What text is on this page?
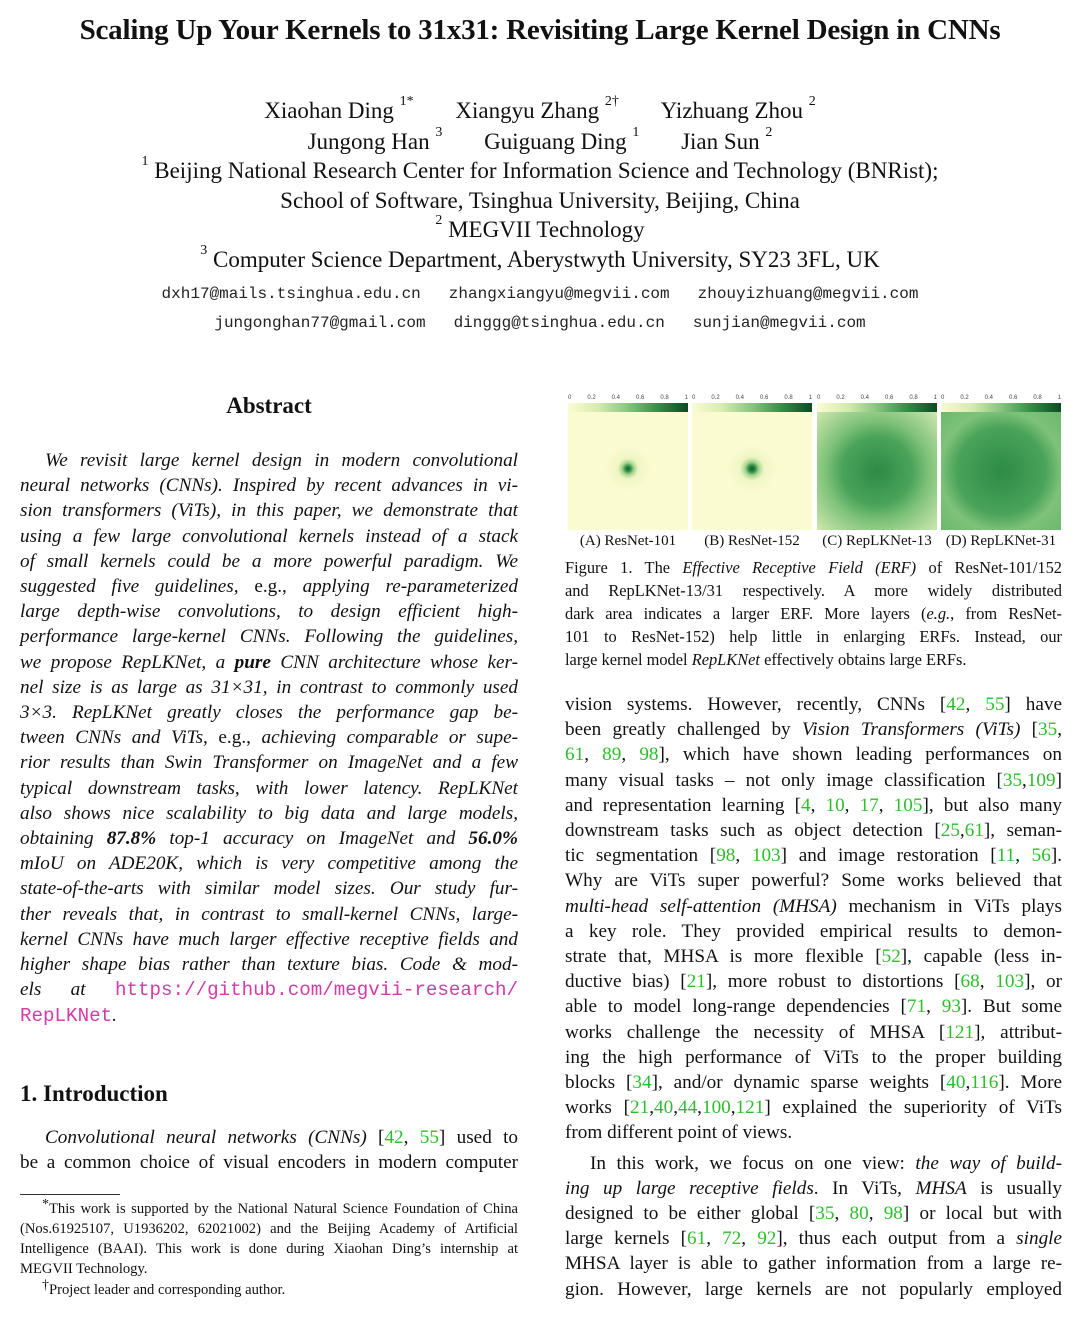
Scaling Up Your Kernels to 31x31: Revisiting Large Kernel Design in CNNs
Xiaohan Ding $^{1*}$ Xiangyu Zhang $^{2\dagger}$ Yizhuang Zhou $^2$
Jungong Han $^3$ Guiguang Ding $^1$ Jian Sun $^2$
$^1$ Beijing National Research Center for Information Science and Technology (BNRist);
School of Software, Tsinghua University, Beijing, China
$^2$ MEGVII Technology
$^3$ Computer Science Department, Aberystwyth University, SY23 3FL, UK
dxh17@mails.tsinghua.edu.cn zhangxiangyu@megvii.com zhouyizhuang@megvii.com
jungonghan77@gmail.com dinggg@tsinghua.edu.cn sunjian@megvii.com
Abstract
We revisit large kernel design in modern convolutional
neural networks (CNNs). Inspired by recent advances in vi-
sion transformers (ViTs), in this paper, we demonstrate that
using a few large convolutional kernels instead of a stack
of small kernels could be a more powerful paradigm. We
suggested five guidelines, e.g., applying re-parameterized
large depth-wise convolutions, to design efficient high-
performance large-kernel CNNs. Following the guidelines,
we propose RepLKNet, a pure CNN architecture whose ker-
nel size is as large as 31×31, in contrast to commonly used
3×3. RepLKNet greatly closes the performance gap be-
tween CNNs and ViTs, e.g., achieving comparable or supe-
rior results than Swin Transformer on ImageNet and a few
typical downstream tasks, with lower latency. RepLKNet
also shows nice scalability to big data and large models,
obtaining 87.8% top-1 accuracy on ImageNet and 56.0%
mIoU on ADE20K, which is very competitive among the
state-of-the-arts with similar model sizes. Our study fur-
ther reveals that, in contrast to small-kernel CNNs, large-
kernel CNNs have much larger effective receptive fields and
higher shape bias rather than texture bias. Code & mod-
els at https://github.com/megvii-research/
RepLKNet.
1. Introduction
Convolutional neural networks (CNNs) [42, 55] used to
be a common choice of visual encoders in modern computer
*This work is supported by the National Natural Science Foundation of China (Nos.61925107, U1936202, 62021002) and the Beijing Academy of Artificial Intelligence (BAAI). This work is done during Xiaohan Ding’s internship at MEGVII Technology.
†Project leader and corresponding author.
0	0.2	0.4	0.6	0.8	1
(A) ResNet-101
0	0.2	0.4	0.6	0.8	1
(B) ResNet-152
0	0.2	0.4	0.6	0.8	1
(C) RepLKNet-13
0	0.2	0.4	0.6	0.8	1
(D) RepLKNet-31
Figure 1. The Effective Receptive Field (ERF) of ResNet-101/152
and RepLKNet-13/31 respectively. A more widely distributed
dark area indicates a larger ERF. More layers (e.g., from ResNet-
101 to ResNet-152) help little in enlarging ERFs. Instead, our
large kernel model RepLKNet effectively obtains large ERFs.
vision systems. However, recently, CNNs [42, 55] have
been greatly challenged by Vision Transformers (ViTs) [35,
61, 89, 98], which have shown leading performances on
many visual tasks – not only image classification [35,109]
and representation learning [4, 10, 17, 105], but also many
downstream tasks such as object detection [25,61], seman-
tic segmentation [98, 103] and image restoration [11, 56].
Why are ViTs super powerful? Some works believed that
multi-head self-attention (MHSA) mechanism in ViTs plays
a key role. They provided empirical results to demon-
strate that, MHSA is more flexible [52], capable (less in-
ductive bias) [21], more robust to distortions [68, 103], or
able to model long-range dependencies [71, 93]. But some
works challenge the necessity of MHSA [121], attribut-
ing the high performance of ViTs to the proper building
blocks [34], and/or dynamic sparse weights [40,116]. More
works [21,40,44,100,121] explained the superiority of ViTs
from different point of views.
In this work, we focus on one view: the way of build-
ing up large receptive fields. In ViTs, MHSA is usually
designed to be either global [35, 80, 98] or local but with
large kernels [61, 72, 92], thus each output from a single
MHSA layer is able to gather information from a large re-
gion. However, large kernels are not popularly employed
